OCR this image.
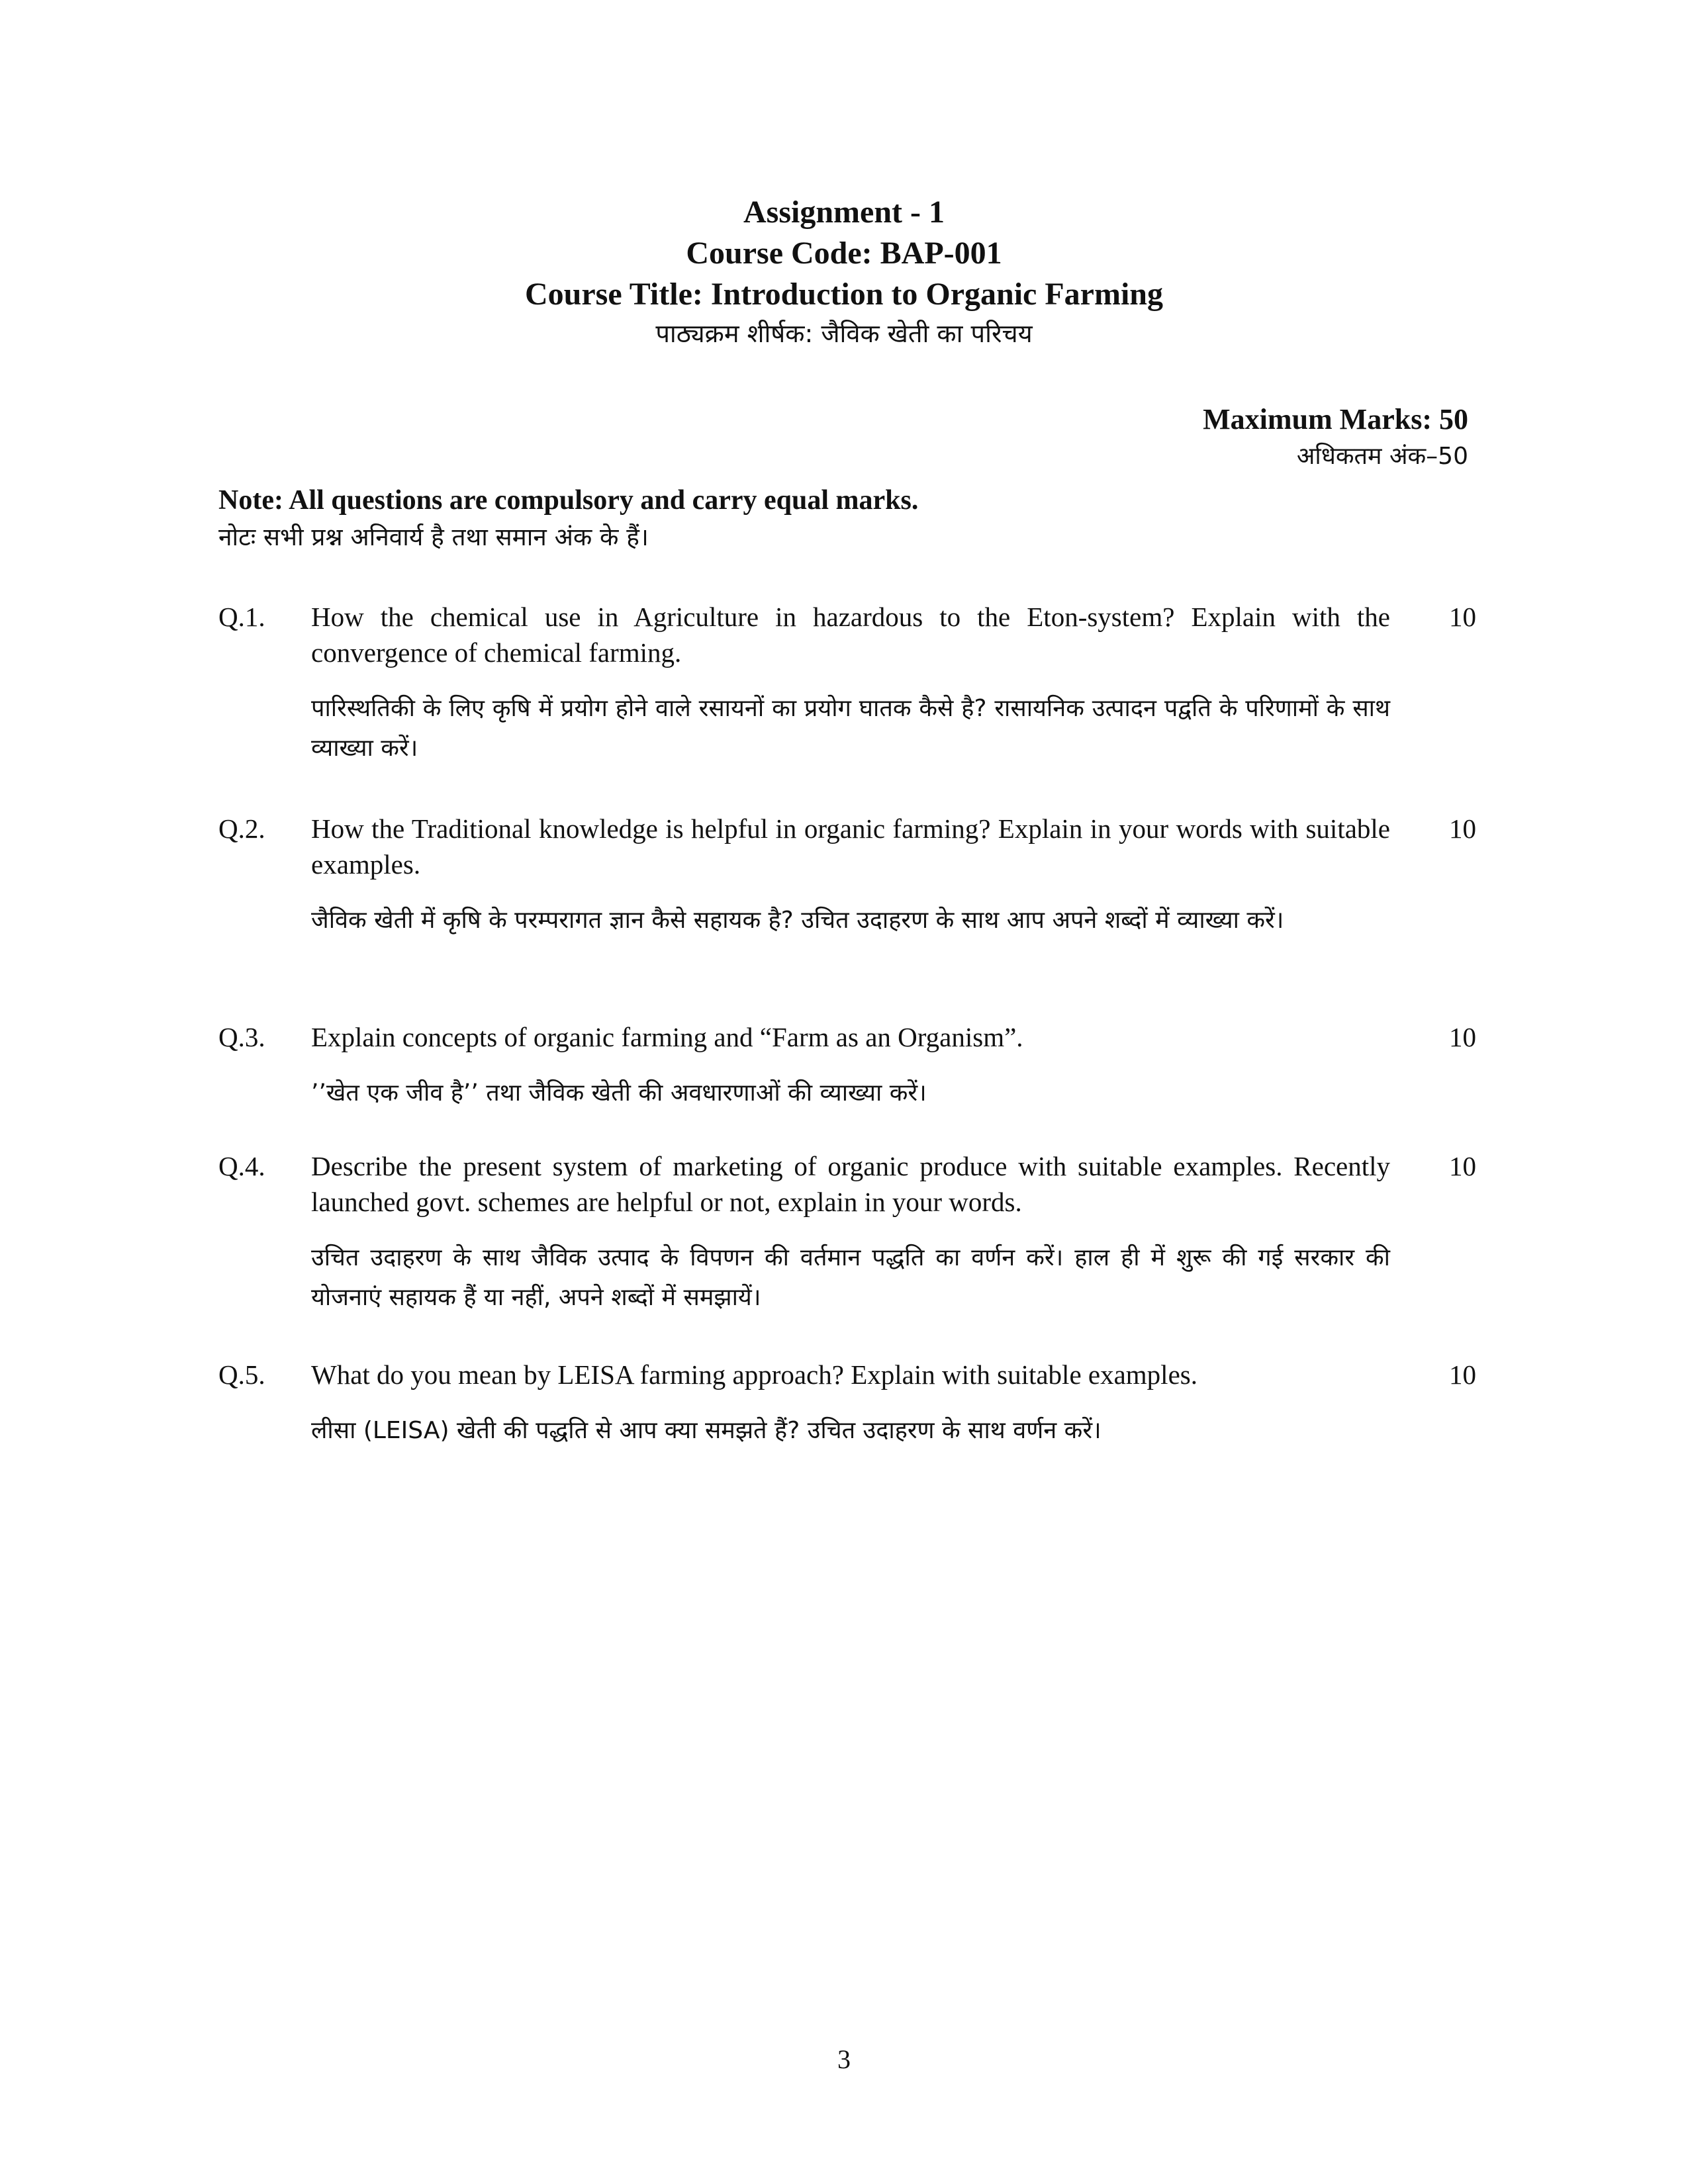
Assignment - 1
Course Code: BAP-001
Course Title: Introduction to Organic Farming
पाठ्यक्रम शीर्षक: जैविक खेती का परिचय
Maximum Marks: 50
अधिकतम अंक–50
Note: All questions are compulsory and carry equal marks.
नोटः सभी प्रश्न अनिवार्य है तथा समान अंक के हैं।
Q.1. How the chemical use in Agriculture in hazardous to the Eton-system? Explain with the convergence of chemical farming.
पारिस्थतिकी के लिए कृषि में प्रयोग होने वाले रसायनों का प्रयोग घातक कैसे है? रासायनिक उत्पादन पद्वति के परिणामों के साथ व्याख्या करें।
10
Q.2. How the Traditional knowledge is helpful in organic farming? Explain in your words with suitable examples.
जैविक खेती में कृषि के परम्परागत ज्ञान कैसे सहायक है? उचित उदाहरण के साथ आप अपने शब्दों में व्याख्या करें।
10
Q.3. Explain concepts of organic farming and “Farm as an Organism”.
’’खेत एक जीव है’’ तथा जैविक खेती की अवधारणाओं की व्याख्या करें।
10
Q.4. Describe the present system of marketing of organic produce with suitable examples. Recently launched govt. schemes are helpful or not, explain in your words.
उचित उदाहरण के साथ जैविक उत्पाद के विपणन की वर्तमान पद्धति का वर्णन करें। हाल ही में शुरू की गई सरकार की योजनाएं सहायक हैं या नहीं, अपने शब्दों में समझायें।
10
Q.5. What do you mean by LEISA farming approach? Explain with suitable examples.
लीसा (LEISA) खेती की पद्धति से आप क्या समझते हैं? उचित उदाहरण के साथ वर्णन करें।
10
3
